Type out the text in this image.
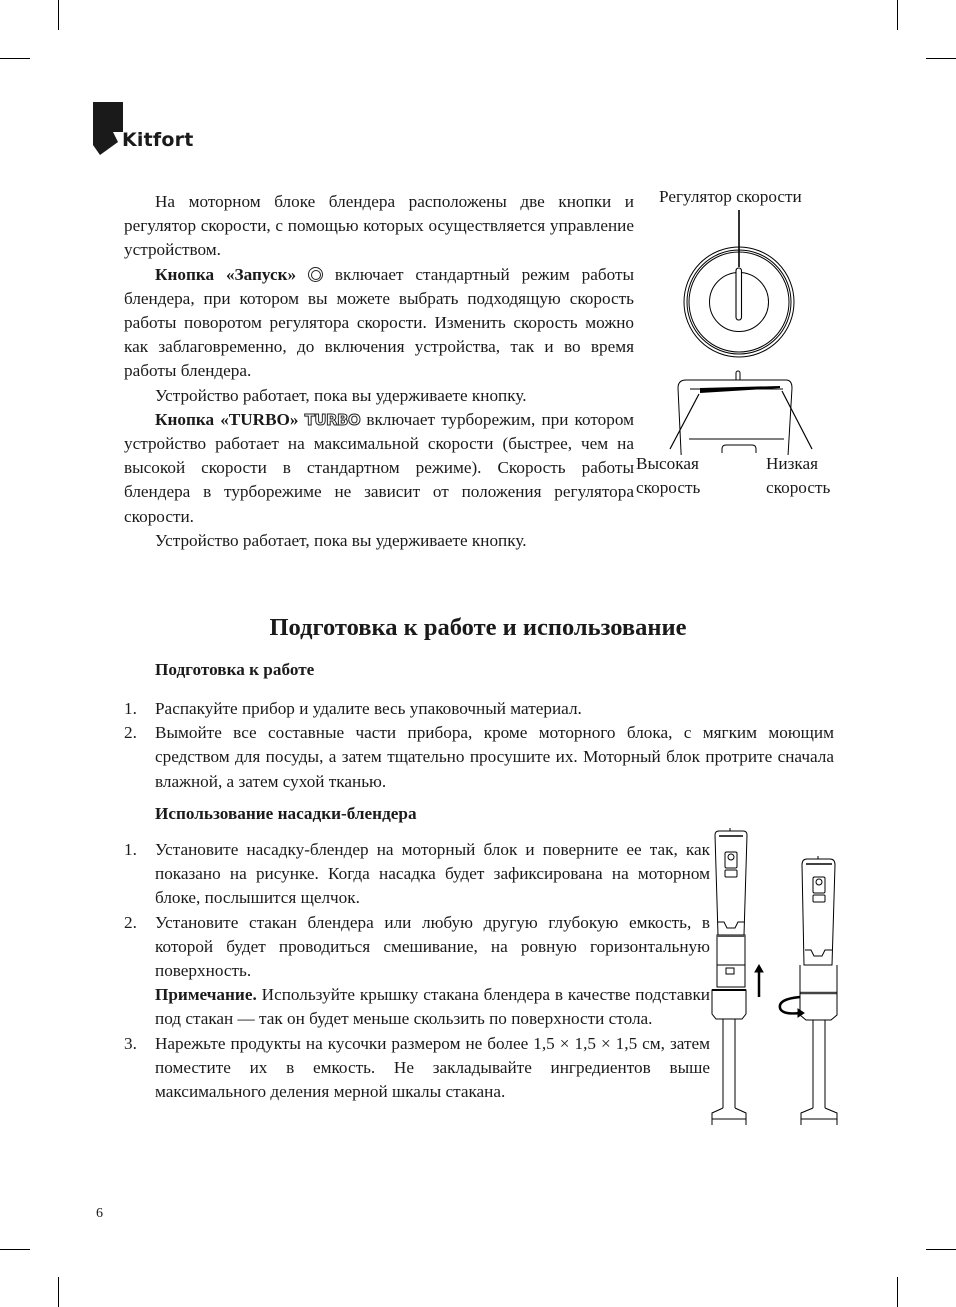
Kitfort

На моторном блоке блендера расположены две кнопки и регулятор скорости, с помощью которых осуществляется управление устройством.

Кнопка «Запуск»  включает стандартный режим работы блендера, при котором вы можете выбрать подходящую скорость работы поворотом регулятора скорости. Изменить скорость можно как заблаговременно, до включения устройства, так и во время работы блендера.

Устройство работает, пока вы удерживаете кнопку.

Кнопка «TURBO» TURBO включает турборежим, при котором устройство работает на максимальной скорости (быстрее, чем на высокой скорости в стандартном режиме). Скорость работы блендера в турборежиме не зависит от положения регулятора скорости.

Устройство работает, пока вы удерживаете кнопку.

Регулятор скорости
Высокая
скорость
Низкая
скорость
Подготовка к работе и использование
Подготовка к работе
1. Распакуйте прибор и удалите весь упаковочный материал.
2. Вымойте все составные части прибора, кроме моторного блока, с мягким моющим средством для посуды, а затем тщательно просушите их. Моторный блок протрите сначала влажной, а затем сухой тканью.
Использование насадки-блендера
1. Установите насадку-блендер на моторный блок и поверните ее так, как показано на рисунке. Когда насадка будет зафиксирована на моторном блоке, послышится щелчок.
2. Установите стакан блендера или любую другую глубокую емкость, в которой будет проводиться смешивание, на ровную горизонтальную поверхность.
Примечание. Используйте крышку стакана блендера в качестве подставки под стакан — так он будет меньше скользить по поверхности стола.
3. Нарежьте продукты на кусочки размером не более 1,5 × 1,5 × 1,5 см, затем поместите их в емкость. Не закладывайте ингредиентов выше максимального деления мерной шкалы стакана.
6
